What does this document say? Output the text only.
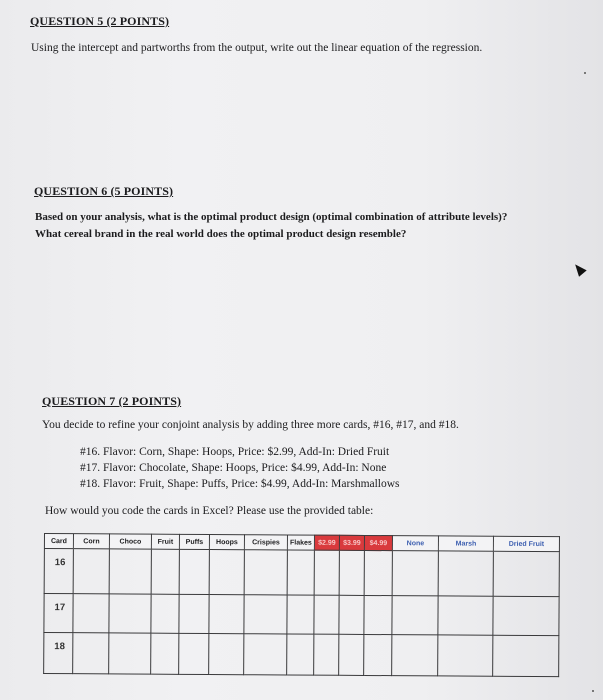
QUESTION 5 (2 POINTS)
Using the intercept and partworths from the output, write out the linear equation of the regression.
QUESTION 6 (5 POINTS)
Based on your analysis, what is the optimal product design (optimal combination of attribute levels)?
What cereal brand in the real world does the optimal product design resemble?
QUESTION 7 (2 POINTS)
You decide to refine your conjoint analysis by adding three more cards, #16, #17, and #18.
#16. Flavor: Corn, Shape: Hoops, Price: $2.99, Add-In: Dried Fruit
#17. Flavor: Chocolate, Shape: Hoops, Price: $4.99, Add-In: None
#18. Flavor: Fruit, Shape: Puffs, Price: $4.99, Add-In: Marshmallows
How would you code the cards in Excel? Please use the provided table:
Card	Corn	Choco	Fruit	Puffs	Hoops	Crispies	Flakes $2.99	$3.99	$4.99	None	Marsh	Dried Fruit
16
17
18
